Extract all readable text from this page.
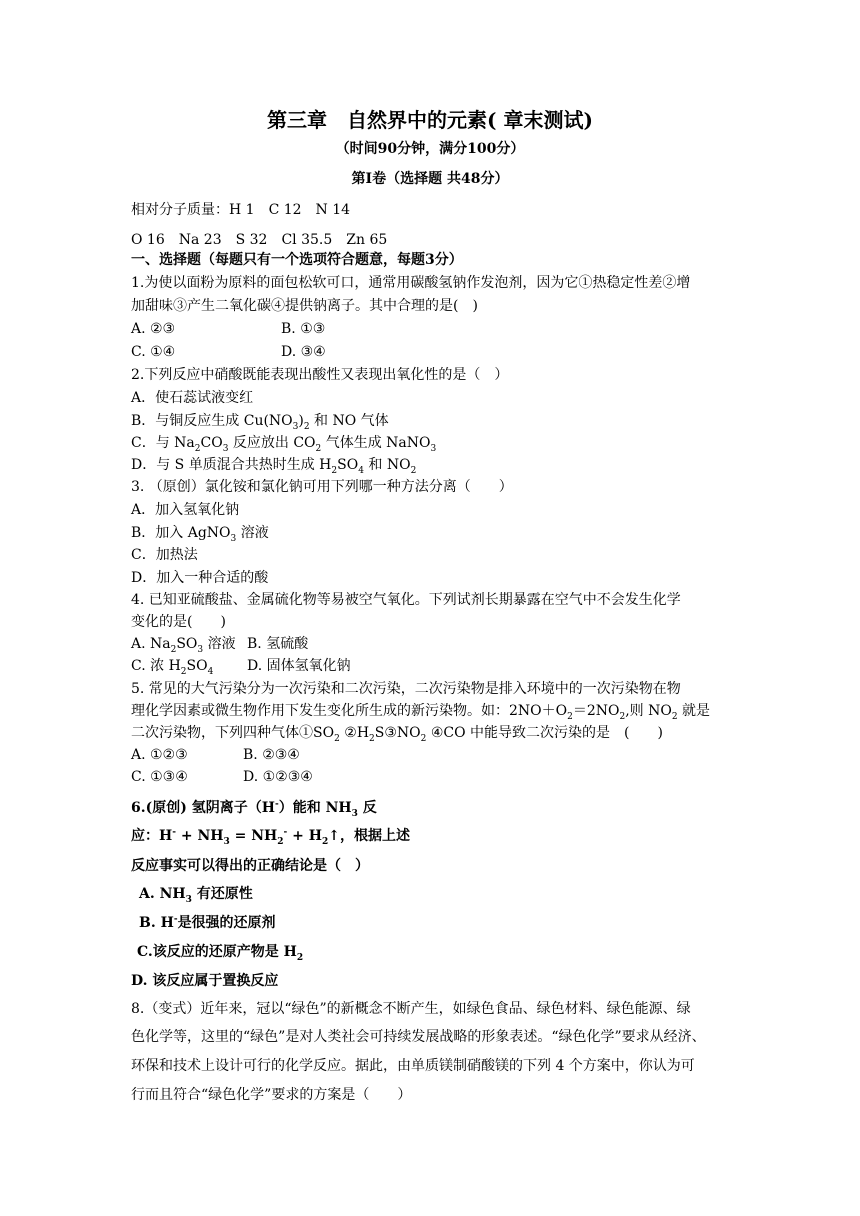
第三章　自然界中的元素( 章末测试)
（时间90分钟，满分100分）
第Ⅰ卷（选择题 共48分）
相对分子质量：H 1　C 12　N 14
O 16　Na 23　S 32　Cl 35.5　Zn 65
一、选择题（每题只有一个选项符合题意，每题3分）
1.为使以面粉为原料的面包松软可口，通常用碳酸氢钠作发泡剂，因为它①热稳定性差②增
加甜味③产生二氧化碳④提供钠离子。其中合理的是(　)
A. ②③	B. ①③
C. ①④	D. ③④
2.下列反应中硝酸既能表现出酸性又表现出氧化性的是（　）
A．使石蕊试液变红
B．与铜反应生成 $Cu(NO_3)_2$ 和 NO 气体
C．与 $Na_2CO_3$ 反应放出 $CO_2$ 气体生成 NaNO$_3$
D．与 S 单质混合共热时生成 $H_2SO_4$ 和 $NO_2$
3. （原创）氯化铵和氯化钠可用下列哪一种方法分离（　　）
A．加入氢氧化钠
B．加入 AgNO$_3$ 溶液
C．加热法
D．加入一种合适的酸
4. 已知亚硫酸盐、金属硫化物等易被空气氧化。下列试剂长期暴露在空气中不会发生化学
变化的是(　　)
A. $Na_2SO_3$ 溶液 B. 氢硫酸
C. 浓 $H_2SO_4$ D. 固体氢氧化钠
5. 常见的大气污染分为一次污染和二次污染，二次污染物是排入环境中的一次污染物在物
理化学因素或微生物作用下发生变化所生成的新污染物。如：$2NO+O_2=2NO_2$,则 $NO_2$ 就是
二次污染物，下列四种气体$①SO_2$ $②H_2S③NO_2$ ④CO 中能导致二次污染的是　(　　)
A. ①②③	B. ②③④
C. ①③④	D. ①②③④
6.(原创) 氢阴离子（H-）能和 $NH_3$ 反
应：$H^- + NH_3 = NH_2^-$ + $H_2↑$，根据上述
反应事实可以得出的正确结论是（　）
A. $NH_3$ 有还原性
B. H-是很强的还原剂
C.该反应的还原产物是 $H_2$
D. 该反应属于置换反应
8.（变式）近年来，冠以“绿色”的新概念不断产生，如绿色食品、绿色材料、绿色能源、绿
色化学等，这里的“绿色”是对人类社会可持续发展战略的形象表述。“绿色化学”要求从经济、
环保和技术上设计可行的化学反应。据此，由单质镁制硝酸镁的下列 4 个方案中，你认为可
行而且符合“绿色化学”要求的方案是（　　）
